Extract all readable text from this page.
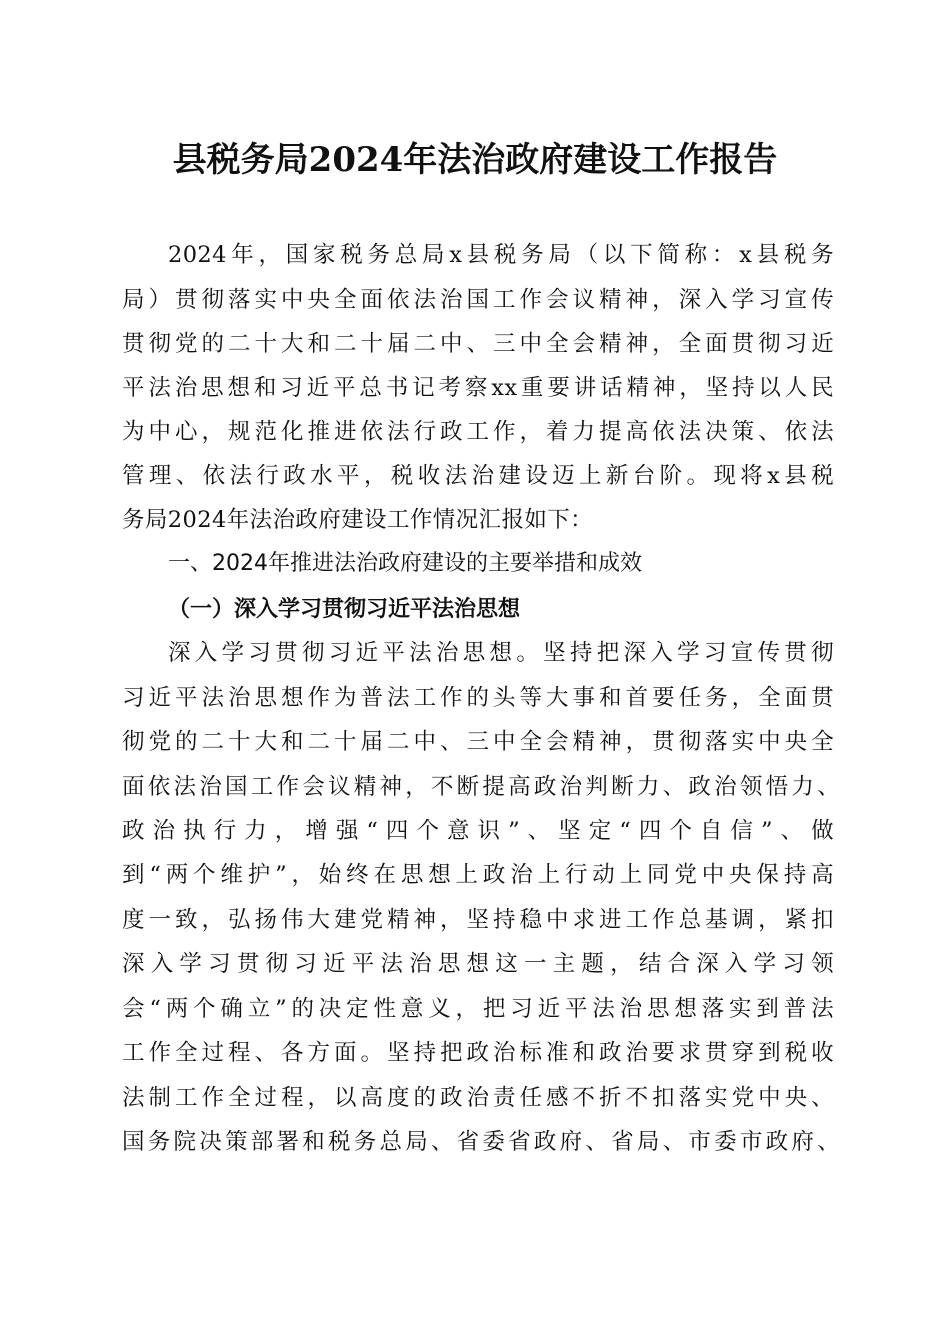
县税务局2024年法治政府建设工作报告
2024年，国家税务总局x县税务局（以下简称：x县税务
局）贯彻落实中央全面依法治国工作会议精神，深入学习宣传
贯彻党的二十大和二十届二中、三中全会精神，全面贯彻习近
平法治思想和习近平总书记考察xx重要讲话精神，坚持以人民
为中心，规范化推进依法行政工作，着力提高依法决策、依法
管理、依法行政水平，税收法治建设迈上新台阶。现将x县税
务局2024年法治政府建设工作情况汇报如下：
一、2024年推进法治政府建设的主要举措和成效
（一）深入学习贯彻习近平法治思想
深入学习贯彻习近平法治思想。坚持把深入学习宣传贯彻
习近平法治思想作为普法工作的头等大事和首要任务，全面贯
彻党的二十大和二十届二中、三中全会精神，贯彻落实中央全
面依法治国工作会议精神，不断提高政治判断力、政治领悟力、
政治执行力，增强“四个意识”、坚定“四个自信”、做
到“两个维护”，始终在思想上政治上行动上同党中央保持高
度一致，弘扬伟大建党精神，坚持稳中求进工作总基调，紧扣
深入学习贯彻习近平法治思想这一主题，结合深入学习领
会“两个确立”的决定性意义，把习近平法治思想落实到普法
工作全过程、各方面。坚持把政治标准和政治要求贯穿到税收
法制工作全过程，以高度的政治责任感不折不扣落实党中央、
国务院决策部署和税务总局、省委省政府、省局、市委市政府、
